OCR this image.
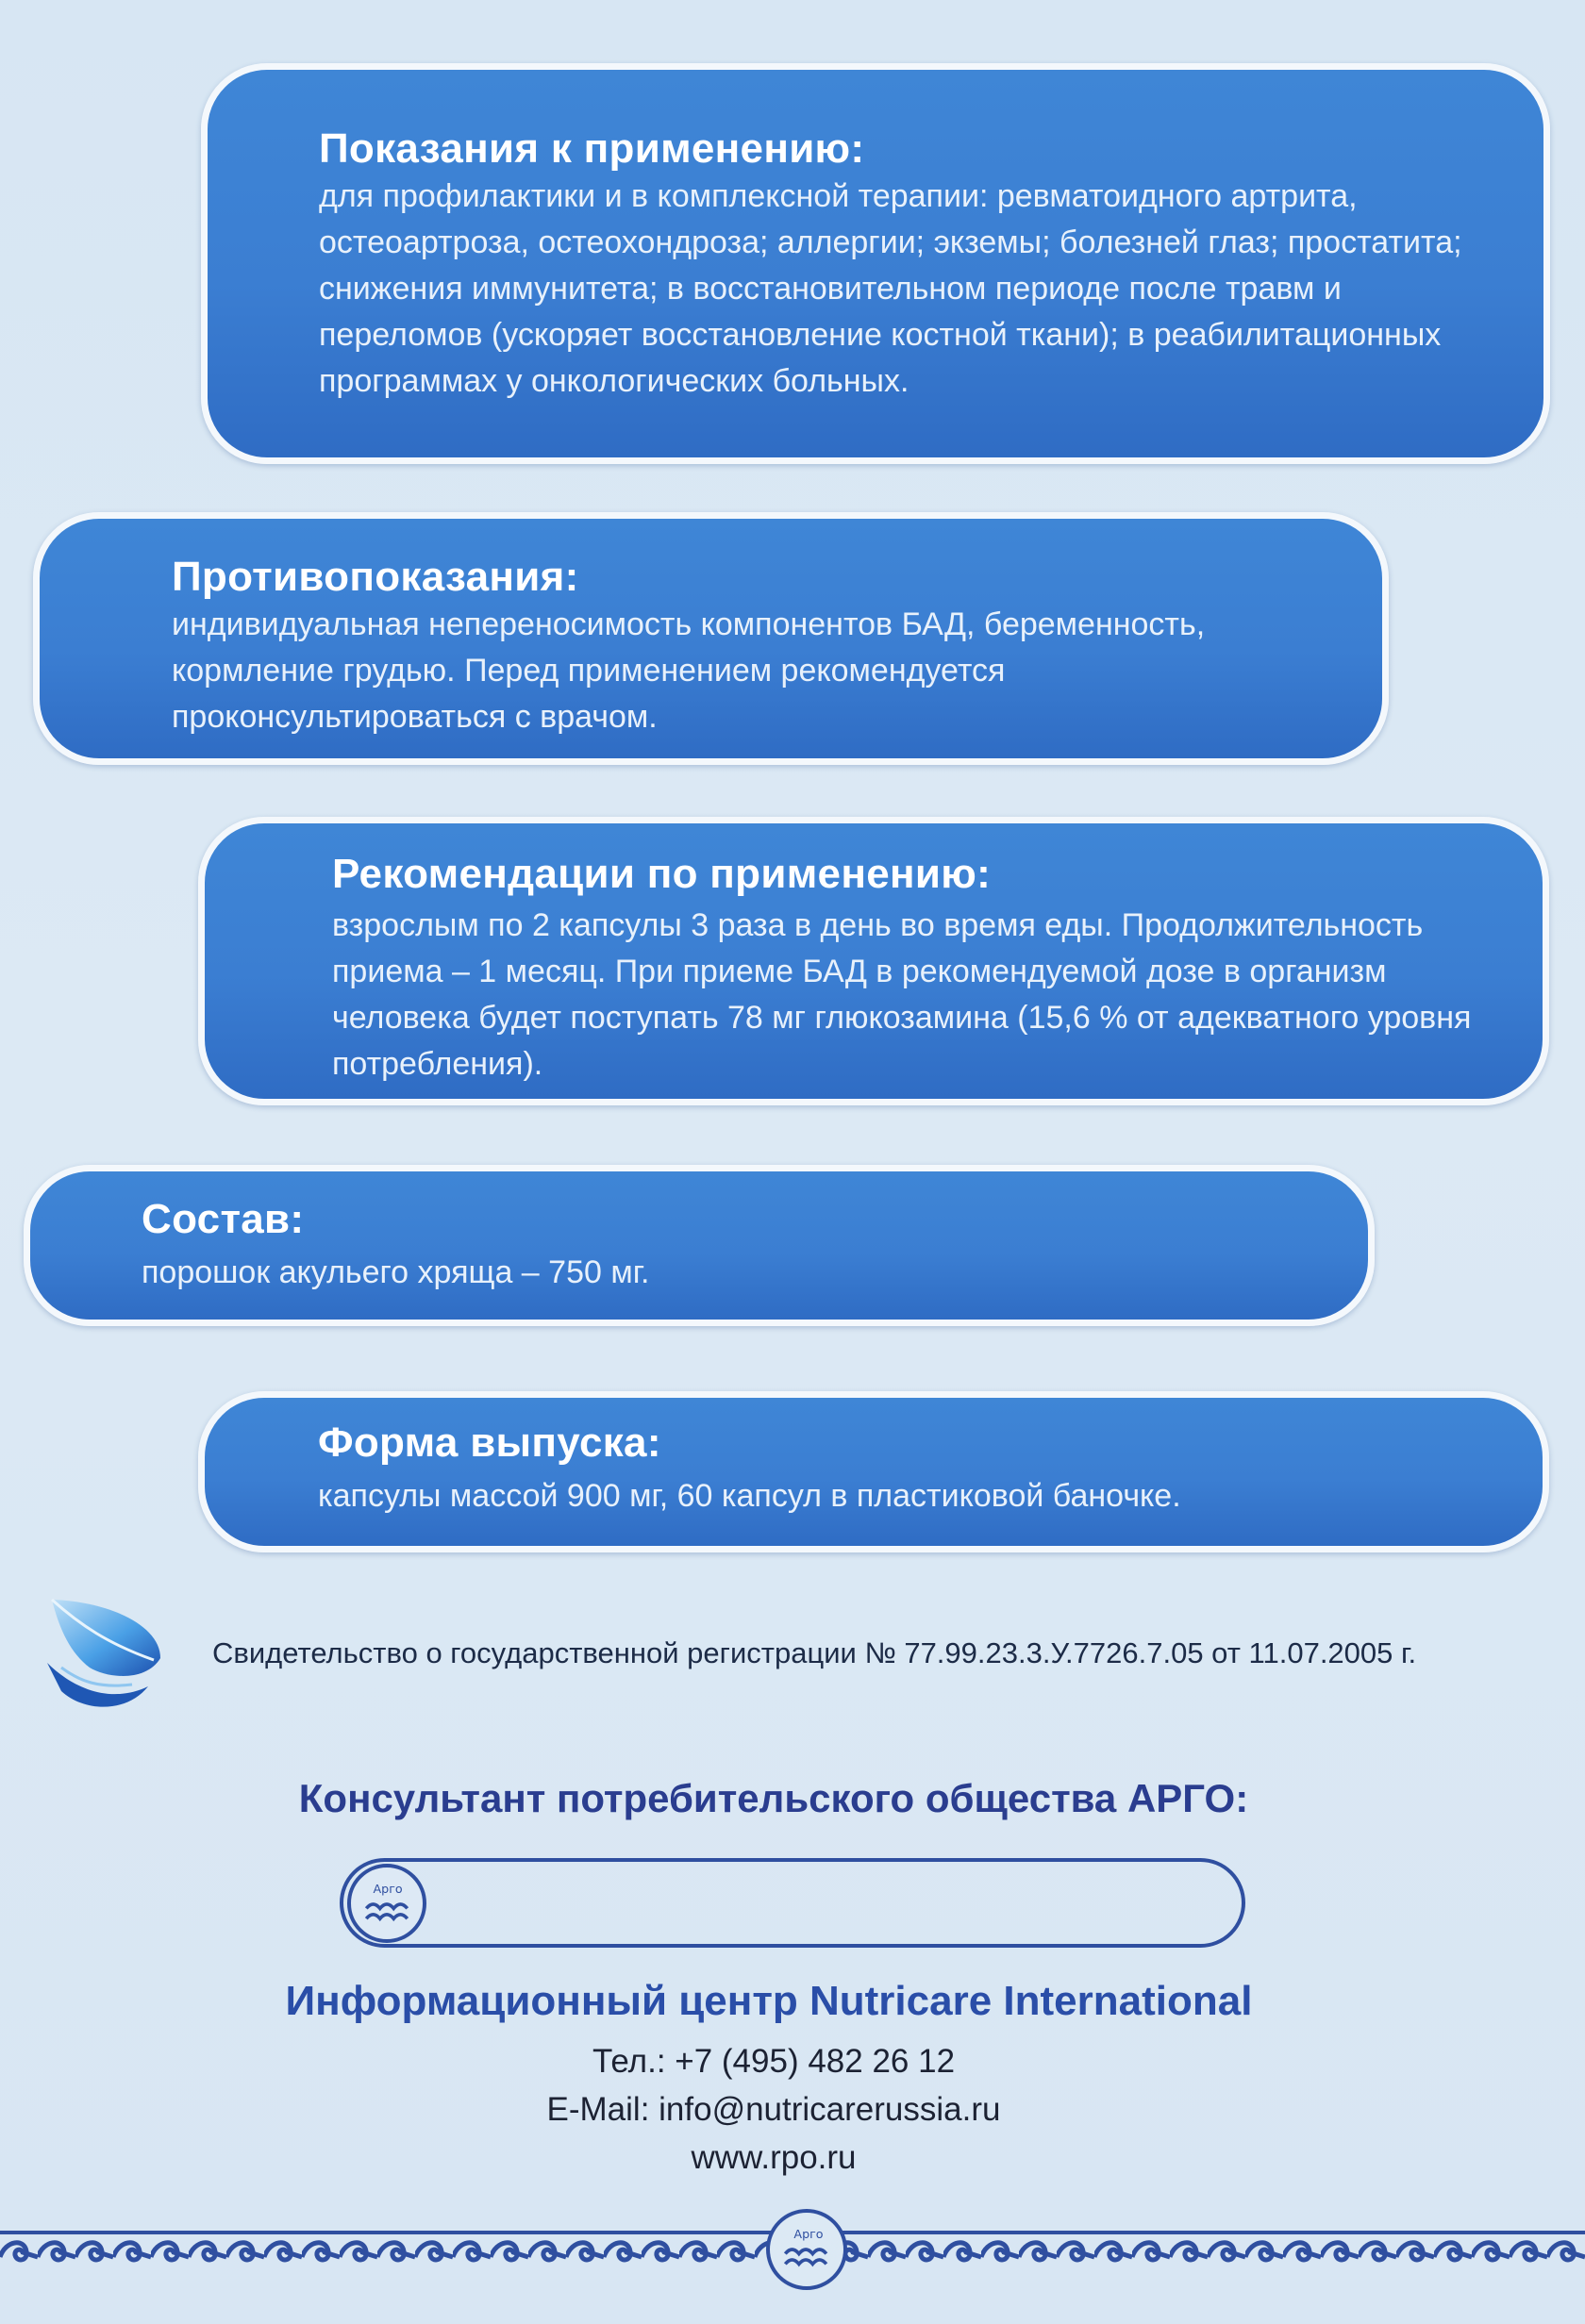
Показания к применению:

для профилактики и в комплексной терапии: ревматоидного артрита, остеоартроза, остеохондроза; аллергии; экземы; болезней глаз; простатита; снижения иммунитета; в восстановительном периоде после травм и переломов (ускоряет восстановление костной ткани); в реабилитационных программах у онкологических больных.

Противопоказания:

индивидуальная непереносимость компонентов БАД, беременность, кормление грудью. Перед применением рекомендуется проконсультироваться с врачом.

Рекомендации по применению:

взрослым по 2 капсулы 3 раза в день во время еды. Продолжительность приема – 1 месяц. При приеме БАД в рекомендуемой дозе в организм человека будет поступать 78 мг глюкозамина (15,6 % от адекватного уровня потребления).

Состав:

порошок акульего хряща – 750 мг.

Форма выпуска:

капсулы массой 900 мг, 60 капсул в пластиковой баночке.

Свидетельство о государственной регистрации № 77.99.23.3.У.7726.7.05 от 11.07.2005 г.
Консультант потребительского общества АРГО:
Арго
Информационный центр Nutricare International
Тел.: +7 (495) 482 26 12
E-Mail: info@nutricarerussia.ru
www.rpo.ru
Арго
